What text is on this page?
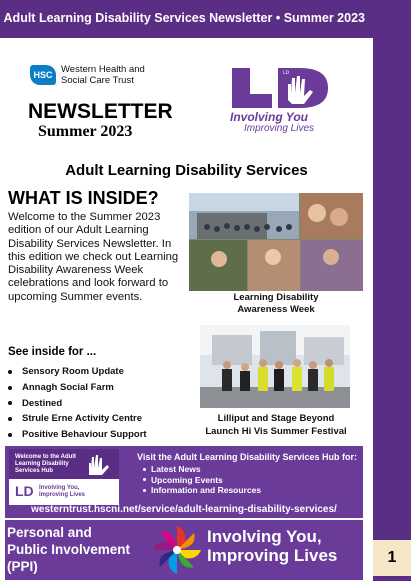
Adult Learning Disability Services Newsletter • Summer 2023
1
HSC Western Health and Social Care Trust
NEWSLETTER
Summer 2023
LD
Involving You
Improving Lives
Adult Learning Disability Services
WHAT IS INSIDE?
Welcome to the Summer 2023 edition of our Adult Learning Disability Services Newsletter. In this edition we check out Learning Disability Awareness Week celebrations and look forward to upcoming Summer events.	Learning Disability
Awareness Week
Lilliput and Stage Beyond
Launch Hi Vis Summer Festival
See inside for ...
Sensory Room Update
Annagh Social Farm
Destined
Strule Erne Activity Centre
Positive Behaviour Support
Welcome to the Adult Learning Disability Services Hub
LD Involving You,
Improving Lives
Visit the Adult Learning Disability Services Hub for:
Latest News
Upcoming Events
Information and Resources
westerntrust.hscni.net/service/adult-learning-disability-services/
Personal and
Public Involvement
(PPI)
Involving You,
Improving Lives
